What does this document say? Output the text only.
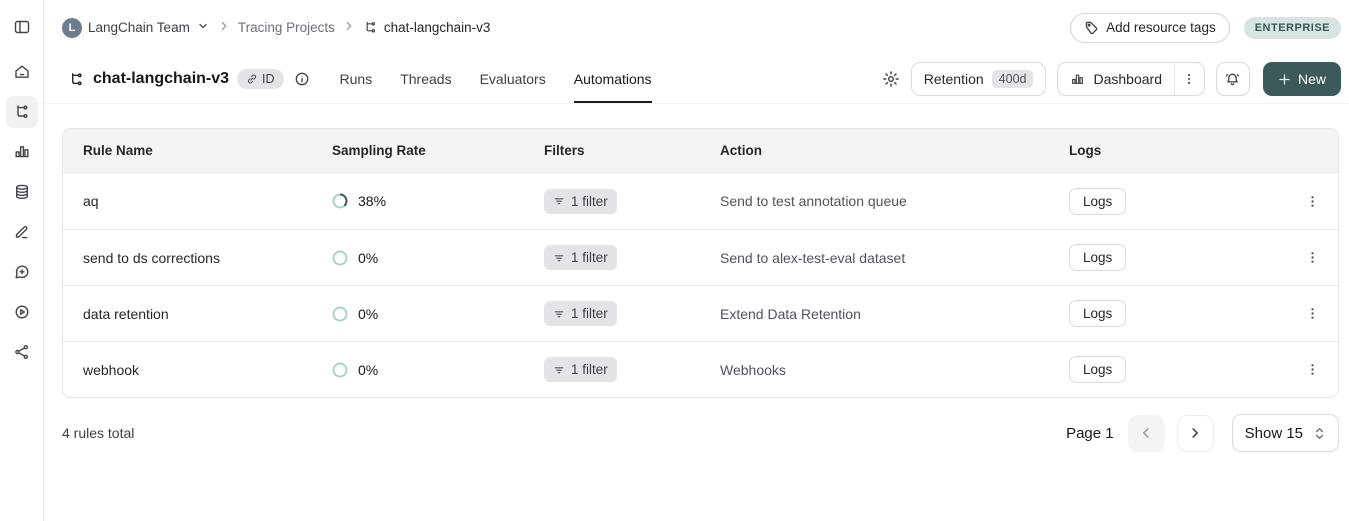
L LangChain Team	Tracing Projects	chat-langchain-v3	Add resource tags	ENTERPRISE
chat-langchain-v3	ID	Runs Threads Evaluators Automations	Retention	400d	Dashboard	New
Rule Name	Sampling Rate	Filters	Action	Logs
aq	38%	1 filter	Send to test annotation queue	Logs
send to ds corrections	0%	1 filter	Send to alex-test-eval dataset	Logs
data retention	0%	1 filter	Extend Data Retention	Logs
webhook	0%	1 filter	Webhooks	Logs
4 rules total	Page 1	Show 15
